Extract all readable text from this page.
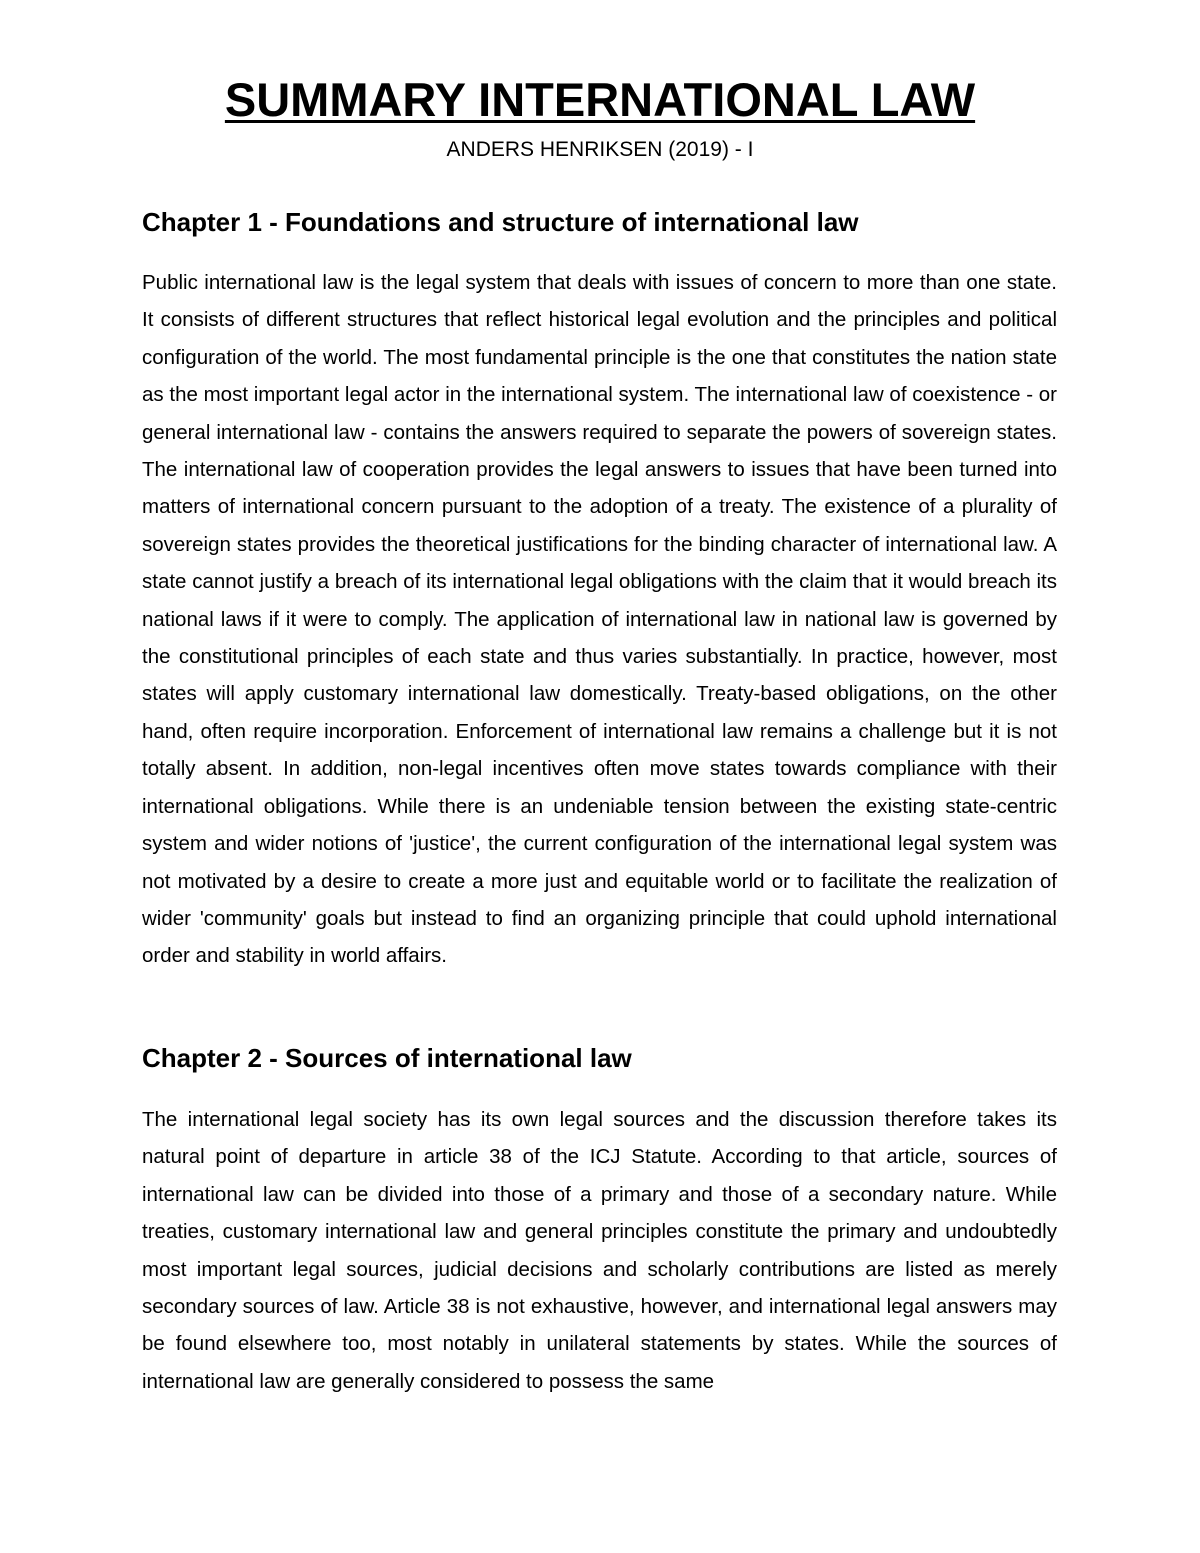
SUMMARY INTERNATIONAL LAW
ANDERS HENRIKSEN (2019) - I
Chapter 1 - Foundations and structure of international law

Public international law is the legal system that deals with issues of concern to more than one state. It consists of different structures that reflect historical legal evolution and the principles and political configuration of the world. The most fundamental principle is the one that constitutes the nation state as the most important legal actor in the international system. The international law of coexistence - or general international law - contains the answers required to separate the powers of sovereign states. The international law of cooperation provides the legal answers to issues that have been turned into matters of international concern pursuant to the adoption of a treaty. The existence of a plurality of sovereign states provides the theoretical justifications for the binding character of international law. A state cannot justify a breach of its international legal obligations with the claim that it would breach its national laws if it were to comply. The application of international law in national law is governed by the constitutional principles of each state and thus varies substantially. In practice, however, most states will apply customary international law domestically. Treaty-based obligations, on the other hand, often require incorporation. Enforcement of international law remains a challenge but it is not totally absent. In addition, non-legal incentives often move states towards compliance with their international obligations. While there is an undeniable tension between the existing state-centric system and wider notions of 'justice', the current configuration of the international legal system was not motivated by a desire to create a more just and equitable world or to facilitate the realization of wider 'community' goals but instead to find an organizing principle that could uphold international order and stability in world affairs.

Chapter 2 - Sources of international law

The international legal society has its own legal sources and the discussion therefore takes its natural point of departure in article 38 of the ICJ Statute. According to that article, sources of international law can be divided into those of a primary and those of a secondary nature. While treaties, customary international law and general principles constitute the primary and undoubtedly most important legal sources, judicial decisions and scholarly contributions are listed as merely secondary sources of law. Article 38 is not exhaustive, however, and international legal answers may be found elsewhere too, most notably in unilateral statements by states. While the sources of international law are generally considered to possess the same
